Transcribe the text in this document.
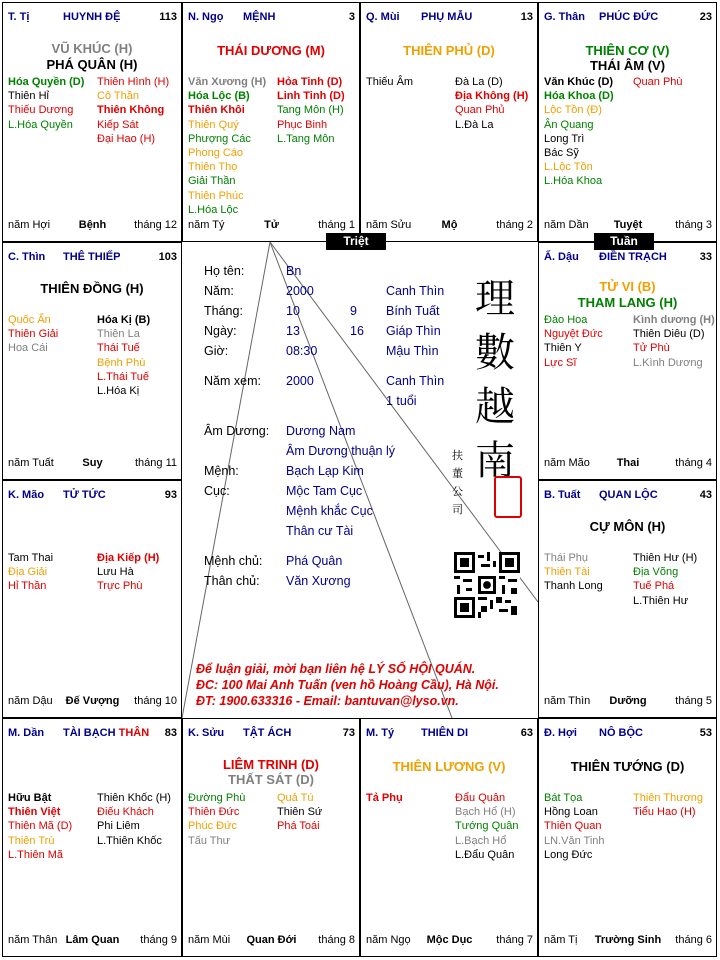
T. Tị	HUYNH ĐỆ	113
VŨ KHÚC (H)
PHÁ QUÂN (H)
Hóa Quyền (D)
Thiên Hỉ
Thiếu Dương
L.Hóa Quyền
Thiên Hình (H)
Cô Thần
Thiên Không
Kiếp Sát
Đại Hao (H)
năm Hợi	Bệnh	tháng 12
N. Ngọ MỆNH	3
THÁI DƯƠNG (M)
Văn Xương (H)
Hóa Lộc (B)
Thiên Khôi
Thiên Quý
Phượng Các
Phong Cáo
Thiên Thọ
Giải Thần
Thiên Phúc
L.Hóa Lộc
Hỏa Tinh (D)
Linh Tinh (D)
Tang Môn (H)
Phục Binh
L.Tang Môn
năm Tý	Tử	tháng 1
Q. Mùi PHỤ MẪU	13
THIÊN PHỦ (D)
Thiếu Âm	Đà La (D)
Địa Không (H)
Quan Phủ
L.Đà La
năm Sửu	Mộ	tháng 2
G. Thân PHÚC ĐỨC	23
THIÊN CƠ (V)
THÁI ÂM (V)
Văn Khúc (D)
Hóa Khoa (D)
Lộc Tồn (Đ)
Ân Quang
Long Trì
Bác Sỹ
L.Lộc Tồn
L.Hóa Khoa
Quan Phù
năm Dần	Tuyệt	tháng 3
C. Thìn THÊ THIẾP	103
THIÊN ĐỒNG (H)
Quốc Ấn
Thiên Giải
Hoa Cái
Hóa Kị (B)
Thiên La
Thái Tuế
Bệnh Phù
L.Thái Tuế
L.Hóa Kị
năm Tuất	Suy	tháng 11
Ấ. Dậu ĐIỀN TRẠCH	33
TỬ VI (B)
THAM LANG (H)
Đào Hoa
Nguyệt Đức
Thiên Y
Lực Sĩ
Kình dương (H)
Thiên Diêu (D)
Tử Phù
L.Kình Dương
năm Mão	Thai	tháng 4
K. Mão TỬ TỨC	93
Tam Thai
Địa Giải
Hỉ Thần
Địa Kiếp (H)
Lưu Hà
Trực Phù
năm Dậu	Đế Vượng	tháng 10
B. Tuất QUAN LỘC	43
CỰ MÔN (H)
Thái Phụ
Thiên Tài
Thanh Long
Thiên Hư (H)
Địa Võng
Tuế Phá
L.Thiên Hư
năm Thìn	Dưỡng	tháng 5
M. Dần TÀI BẠCH THÂN 83
Hữu Bật
Thiên Việt
Thiên Mã (D)
Thiên Trù
L.Thiên Mã
Thiên Khốc (H)
Điếu Khách
Phi Liêm
L.Thiên Khốc
năm Thân Lâm Quan	tháng 9
K. Sửu TẬT ÁCH	73
LIÊM TRINH (D)
THẤT SÁT (D)
Đường Phù
Thiên Đức
Phúc Đức
Tấu Thư
Quả Tú
Thiên Sứ
Phá Toái
năm Mùi	Quan Đới	tháng 8
M. Tý THIÊN DI	63
THIÊN LƯƠNG (V)
Tả Phụ	Đẩu Quân
Bạch Hổ (H)
Tướng Quân
L.Bạch Hổ
L.Đẩu Quân
năm Ngọ	Mộc Dục	tháng 7
Đ. Hợi NÔ BỘC	53
THIÊN TƯỚNG (D)
Bát Tọa
Hồng Loan
Thiên Quan
LN.Văn Tinh
Long Đức
Thiên Thương
Tiểu Hao (H)
năm Tị	Trường Sinh	tháng 6
Triệt	Tuần
Họ tên:	Bn
Năm:	2000	Canh Thìn
Tháng:	10	9 Bính Tuất
Ngày:	13	16 Giáp Thìn
Giờ:	08:30	Mậu Thìn
Năm xem: 2000	Canh Thìn
1 tuổi
Âm Dương: Dương Nam
Âm Dương thuận lý
Mệnh:	Bạch Lạp Kim
Cục:	Mộc Tam Cục
Mệnh khắc Cục
Thân cư Tài
Mệnh chủ: Phá Quân
Thân chủ: Văn Xương
理
數
越
南
扶 董 公 司
Để luận giải, mời bạn liên hệ LÝ SỐ HỘI QUÁN.
ĐC: 100 Mai Anh Tuấn (ven hồ Hoàng Cầu), Hà Nội.
ĐT: 1900.633316 - Email: bantuvan@lyso.vn.
